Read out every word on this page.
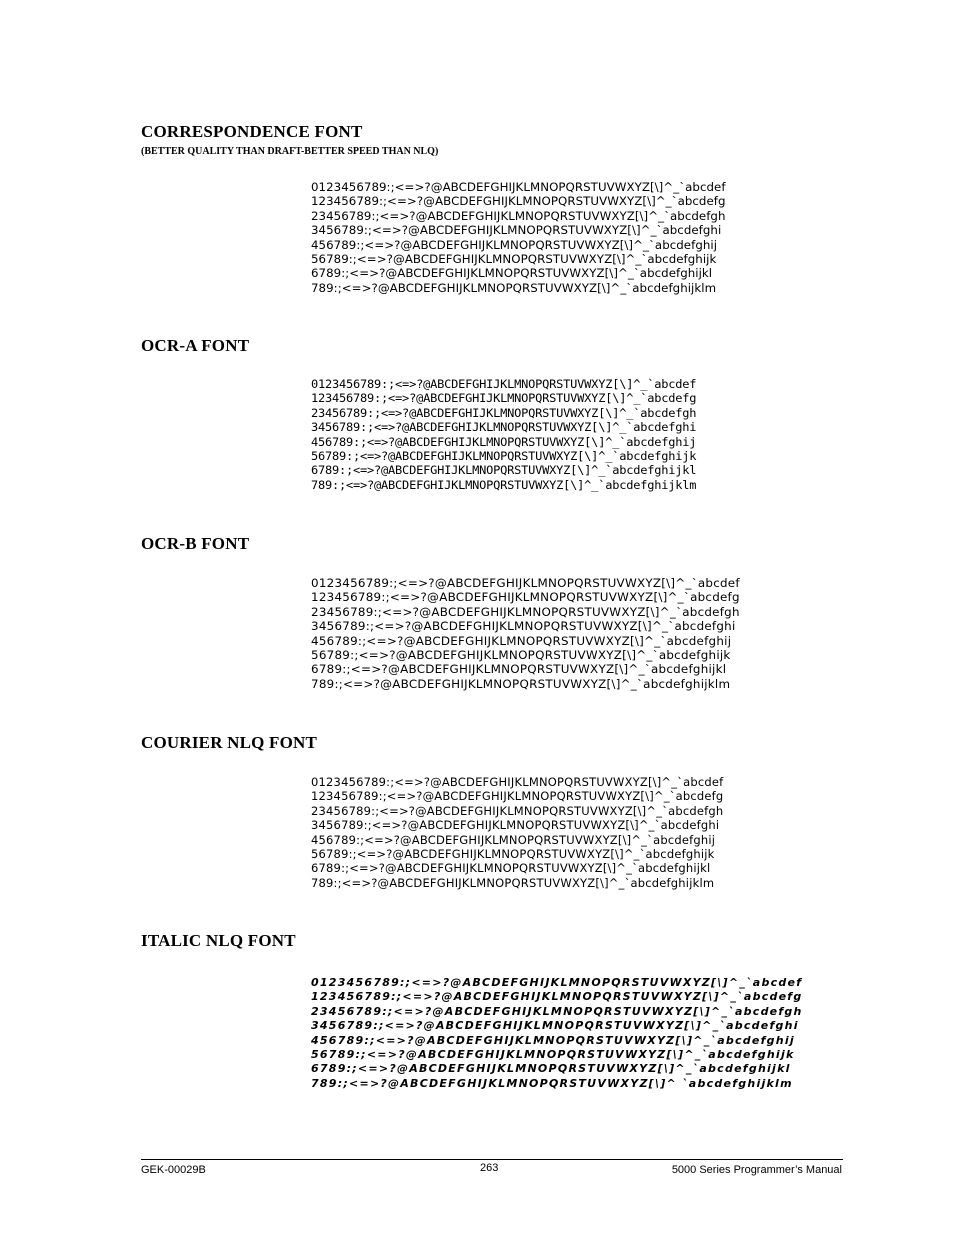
CORRESPONDENCE FONT

(BETTER QUALITY THAN DRAFT-BETTER SPEED THAN NLQ)

0123456789:;<=>?@ABCDEFGHIJKLMNOPQRSTUVWXYZ[\]^_`abcdef
123456789:;<=>?@ABCDEFGHIJKLMNOPQRSTUVWXYZ[\]^_`abcdefg
23456789:;<=>?@ABCDEFGHIJKLMNOPQRSTUVWXYZ[\]^_`abcdefgh
3456789:;<=>?@ABCDEFGHIJKLMNOPQRSTUVWXYZ[\]^_`abcdefghi
456789:;<=>?@ABCDEFGHIJKLMNOPQRSTUVWXYZ[\]^_`abcdefghij
56789:;<=>?@ABCDEFGHIJKLMNOPQRSTUVWXYZ[\]^_`abcdefghijk
6789:;<=>?@ABCDEFGHIJKLMNOPQRSTUVWXYZ[\]^_`abcdefghijkl
789:;<=>?@ABCDEFGHIJKLMNOPQRSTUVWXYZ[\]^_`abcdefghijklm
OCR-A FONT
0123456789:;<=>?@ABCDEFGHIJKLMNOPQRSTUVWXYZ[\]^_`abcdef
123456789:;<=>?@ABCDEFGHIJKLMNOPQRSTUVWXYZ[\]^_`abcdefg
23456789:;<=>?@ABCDEFGHIJKLMNOPQRSTUVWXYZ[\]^_`abcdefgh
3456789:;<=>?@ABCDEFGHIJKLMNOPQRSTUVWXYZ[\]^_`abcdefghi
456789:;<=>?@ABCDEFGHIJKLMNOPQRSTUVWXYZ[\]^_`abcdefghij
56789:;<=>?@ABCDEFGHIJKLMNOPQRSTUVWXYZ[\]^_`abcdefghijk
6789:;<=>?@ABCDEFGHIJKLMNOPQRSTUVWXYZ[\]^_`abcdefghijkl
789:;<=>?@ABCDEFGHIJKLMNOPQRSTUVWXYZ[\]^_`abcdefghijklm
OCR-B FONT
0123456789:;<=>?@ABCDEFGHIJKLMNOPQRSTUVWXYZ[\]^_`abcdef
123456789:;<=>?@ABCDEFGHIJKLMNOPQRSTUVWXYZ[\]^_`abcdefg
23456789:;<=>?@ABCDEFGHIJKLMNOPQRSTUVWXYZ[\]^_`abcdefgh
3456789:;<=>?@ABCDEFGHIJKLMNOPQRSTUVWXYZ[\]^_`abcdefghi
456789:;<=>?@ABCDEFGHIJKLMNOPQRSTUVWXYZ[\]^_`abcdefghij
56789:;<=>?@ABCDEFGHIJKLMNOPQRSTUVWXYZ[\]^_`abcdefghijk
6789:;<=>?@ABCDEFGHIJKLMNOPQRSTUVWXYZ[\]^_`abcdefghijkl
789:;<=>?@ABCDEFGHIJKLMNOPQRSTUVWXYZ[\]^_`abcdefghijklm
COURIER NLQ FONT
0123456789:;<=>?@ABCDEFGHIJKLMNOPQRSTUVWXYZ[\]^_`abcdef
123456789:;<=>?@ABCDEFGHIJKLMNOPQRSTUVWXYZ[\]^_`abcdefg
23456789:;<=>?@ABCDEFGHIJKLMNOPQRSTUVWXYZ[\]^_`abcdefgh
3456789:;<=>?@ABCDEFGHIJKLMNOPQRSTUVWXYZ[\]^_`abcdefghi
456789:;<=>?@ABCDEFGHIJKLMNOPQRSTUVWXYZ[\]^_`abcdefghij
56789:;<=>?@ABCDEFGHIJKLMNOPQRSTUVWXYZ[\]^_`abcdefghijk
6789:;<=>?@ABCDEFGHIJKLMNOPQRSTUVWXYZ[\]^_`abcdefghijkl
789:;<=>?@ABCDEFGHIJKLMNOPQRSTUVWXYZ[\]^_`abcdefghijklm
ITALIC NLQ FONT
0123456789:;<=>?@ABCDEFGHIJKLMNOPQRSTUVWXYZ[\]^_`abcdef
123456789:;<=>?@ABCDEFGHIJKLMNOPQRSTUVWXYZ[\]^_`abcdefg
23456789:;<=>?@ABCDEFGHIJKLMNOPQRSTUVWXYZ[\]^_`abcdefgh
3456789:;<=>?@ABCDEFGHIJKLMNOPQRSTUVWXYZ[\]^_`abcdefghi
456789:;<=>?@ABCDEFGHIJKLMNOPQRSTUVWXYZ[\]^_`abcdefghij
56789:;<=>?@ABCDEFGHIJKLMNOPQRSTUVWXYZ[\]^_`abcdefghijk
6789:;<=>?@ABCDEFGHIJKLMNOPQRSTUVWXYZ[\]^_`abcdefghijkl
789:;<=>?@ABCDEFGHIJKLMNOPQRSTUVWXYZ[\]^ `abcdefghijklm

GEK-00029B	263	5000 Series Programmer’s Manual
